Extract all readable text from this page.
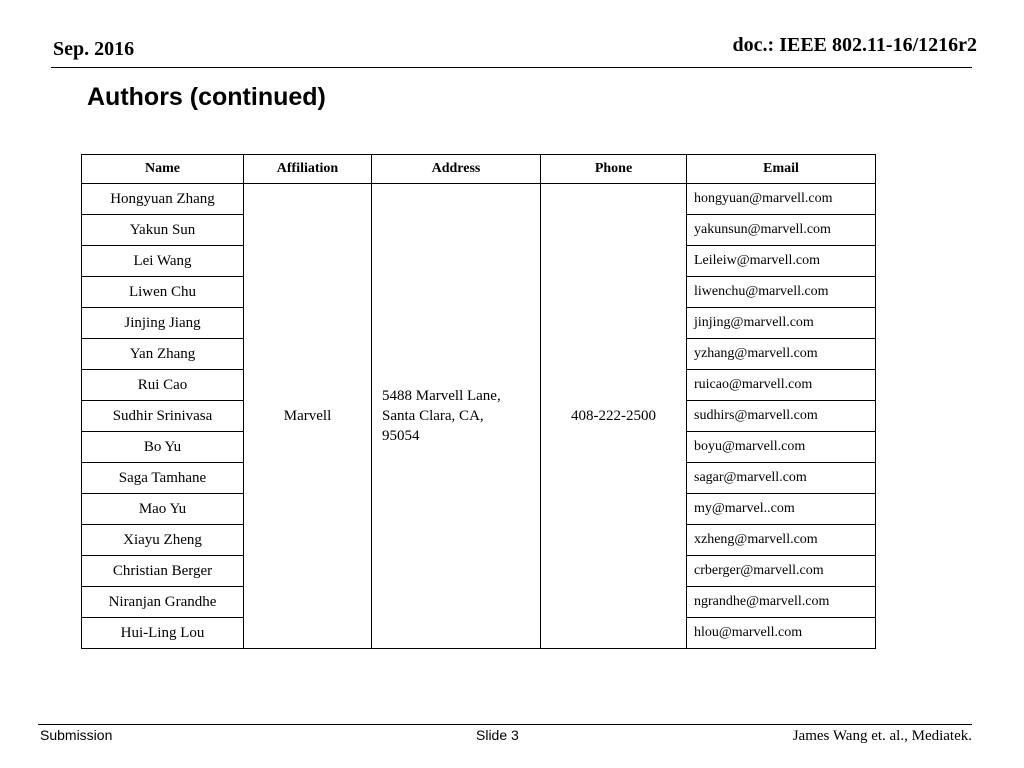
Sep. 2016	doc.: IEEE 802.11-16/1216r2
Authors (continued)
Name	Affiliation	Address	Phone	Email
Hongyuan Zhang	Marvell	5488 Marvell Lane,
Santa Clara, CA,
95054	408-222-2500	hongyuan@marvell.com
Yakun Sun				yakunsun@marvell.com
Lei Wang				Leileiw@marvell.com
Liwen Chu				liwenchu@marvell.com
Jinjing Jiang				jinjing@marvell.com
Yan Zhang				yzhang@marvell.com
Rui Cao				ruicao@marvell.com
Sudhir Srinivasa				sudhirs@marvell.com
Bo Yu				boyu@marvell.com
Saga Tamhane				sagar@marvell.com
Mao Yu				my@marvel..com
Xiayu Zheng				xzheng@marvell.com
Christian Berger				crberger@marvell.com
Niranjan Grandhe				ngrandhe@marvell.com
Hui-Ling Lou				hlou@marvell.com
Submission	Slide 3	James Wang et. al., Mediatek.
